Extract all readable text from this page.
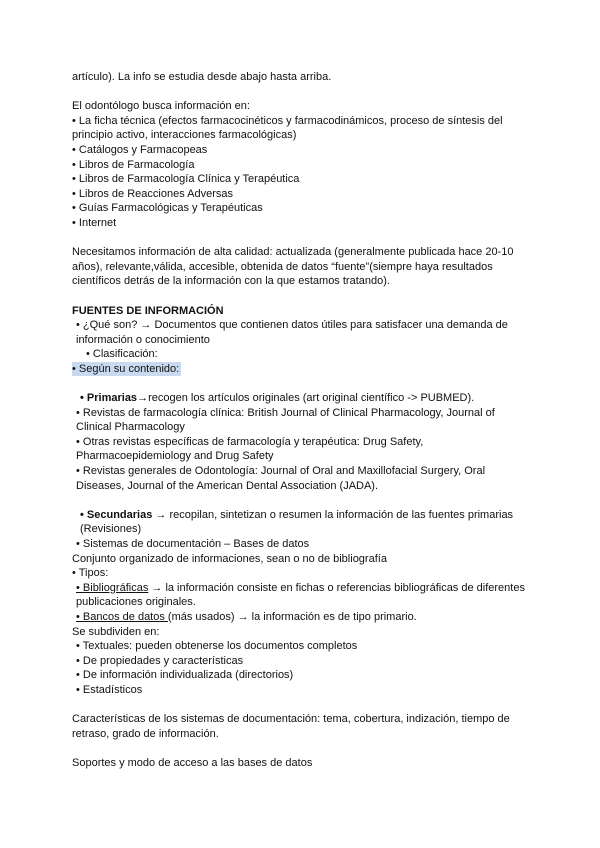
artículo). La info se estudia desde abajo hasta arriba.

El odontólogo busca información en:

• La ficha técnica (efectos farmacocinéticos y farmacodinámicos, proceso de síntesis del principio activo, interacciones farmacológicas)

• Catálogos y Farmacopeas

• Libros de Farmacología

• Libros de Farmacología Clínica y Terapéutica

• Libros de Reacciones Adversas

• Guías Farmacológicas y Terapéuticas

• Internet

Necesitamos información de alta calidad: actualizada (generalmente publicada hace 20-10 años), relevante,válida, accesible, obtenida de datos “fuente”(siempre haya resultados científicos detrás de la información con la que estamos tratando).

FUENTES DE INFORMACIÓN

• ¿Qué son? → Documentos que contienen datos útiles para satisfacer una demanda de información o conocimiento

• Clasificación:

• Según su contenido:

• Primarias→recogen los artículos originales (art original científico -> PUBMED).

• Revistas de farmacología clínica: British Journal of Clinical Pharmacology, Journal of Clinical Pharmacology

• Otras revistas específicas de farmacología y terapéutica: Drug Safety, Pharmacoepidemiology and Drug Safety

• Revistas generales de Odontología: Journal of Oral and Maxillofacial Surgery, Oral Diseases, Journal of the American Dental Association (JADA).

• Secundarias → recopilan, sintetizan o resumen la información de las fuentes primarias (Revisiones)

• Sistemas de documentación – Bases de datos

Conjunto organizado de informaciones, sean o no de bibliografía

• Tipos:

• Bibliográficas → la información consiste en fichas o referencias bibliográficas de diferentes publicaciones originales.

• Bancos de datos (más usados) → la información es de tipo primario.

Se subdividen en:

• Textuales: pueden obtenerse los documentos completos

• De propiedades y características

• De información individualizada (directorios)

• Estadísticos

Características de los sistemas de documentación: tema, cobertura, indización, tiempo de retraso, grado de información.

Soportes y modo de acceso a las bases de datos
